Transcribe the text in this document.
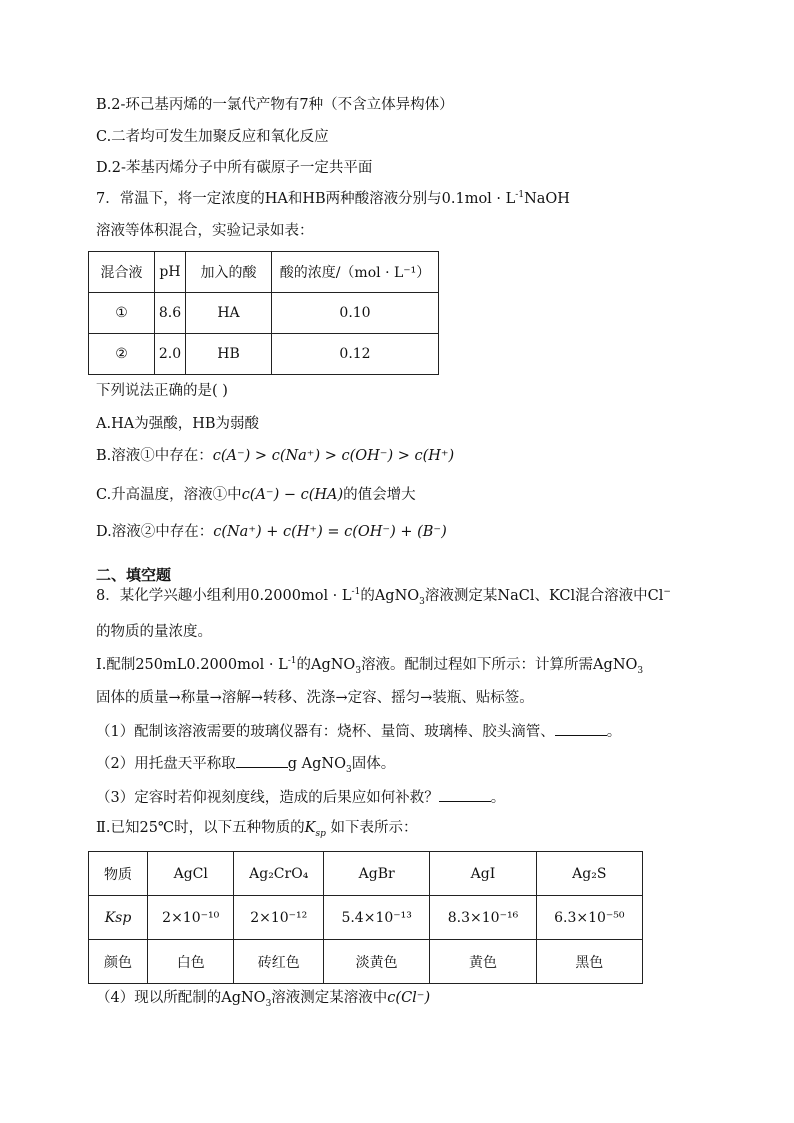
B.2-环己基丙烯的一氯代产物有7种（不含立体异构体）
C.二者均可发生加聚反应和氧化反应
D.2-苯基丙烯分子中所有碳原子一定共平面
7．常温下，将一定浓度的HA和HB两种酸溶液分别与$0.1mol \cdot L^{-1}NaOH$
溶液等体积混合，实验记录如表：
混合液	pH	加入的酸	酸的浓度/（mol · L⁻¹）
①	8.6	HA	0.10
②	2.0	HB	0.12
下列说法正确的是( )
A.HA为强酸，HB为弱酸
B.溶液①中存在：c(A⁻) > c(Na⁺) > c(OH⁻) > c(H⁺)
C.升高温度，溶液①中c(A⁻) − c(HA)的值会增大
D.溶液②中存在：c(Na⁺) + c(H⁺) = c(OH⁻) + (B⁻)
二、填空题
8．某化学兴趣小组利用$0.2000mol \cdot L^{-1}$的AgNO$_3$溶液测定某NaCl、KCl混合溶液中Cl−
的物质的量浓度。
Ⅰ.配制$250mL0.2000mol \cdot L^{-1}$的AgNO$_3$溶液。配制过程如下所示：计算所需AgNO$_3$
固体的质量→称量→溶解→转移、洗涤→定容、摇匀→装瓶、贴标签。
（1）配制该溶液需要的玻璃仪器有：烧杯、量筒、玻璃棒、胶头滴管、	。
（2）用托盘天平称取	g AgNO$_3$固体。
（3）定容时若仰视刻度线，造成的后果应如何补救？	。
Ⅱ.已知25℃时，以下五种物质的$K_{sp}$ 如下表所示：
物质	AgCl	Ag₂CrO₄	AgBr	AgI	Ag₂S
Ksp	2×10⁻¹⁰	2×10⁻¹²	5.4×10⁻¹³	8.3×10⁻¹⁶	6.3×10⁻⁵⁰
颜色	白色	砖红色	淡黄色	黄色	黑色
（4）现以所配制的AgNO$_3$溶液测定某溶液中c(Cl⁻)
